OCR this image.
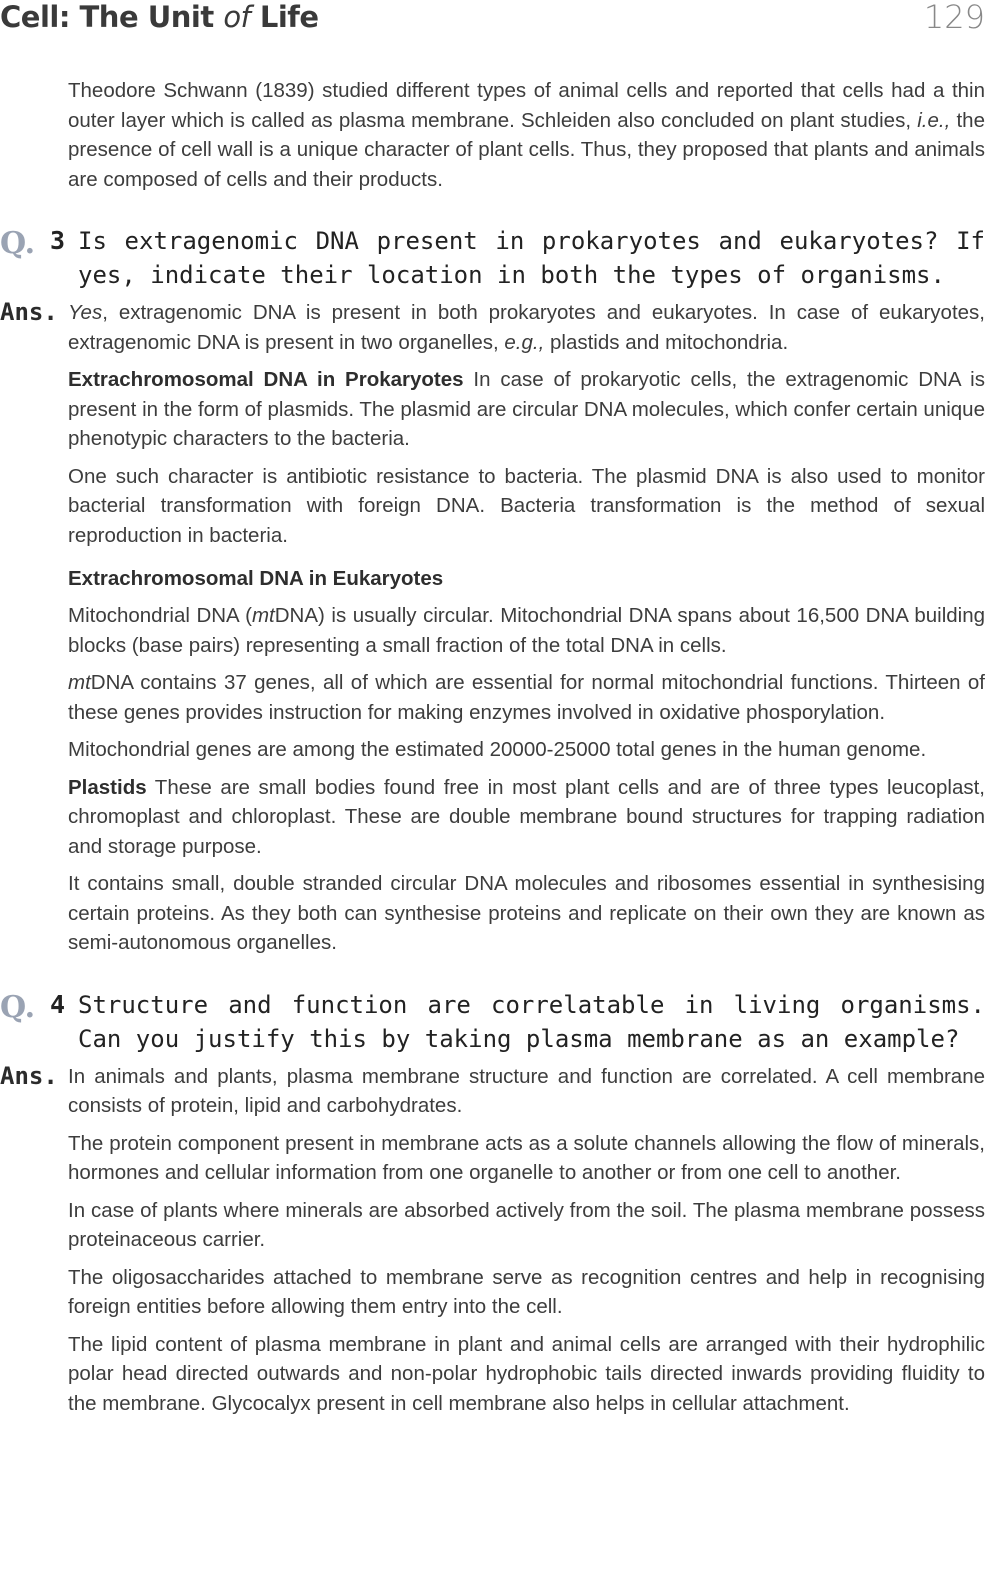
Cell: The Unit of Life	129

Theodore Schwann (1839) studied different types of animal cells and reported that cells had a thin outer layer which is called as plasma membrane. Schleiden also concluded on plant studies, i.e., the presence of cell wall is a unique character of plant cells. Thus, they proposed that plants and animals are composed of cells and their products.

Q. 3 Is extragenomic DNA present in prokaryotes and eukaryotes? If yes, indicate their location in both the types of organisms.
Ans. Yes, extragenomic DNA is present in both prokaryotes and eukaryotes. In case of eukaryotes, extragenomic DNA is present in two organelles, e.g., plastids and mitochondria.

Extrachromosomal DNA in Prokaryotes In case of prokaryotic cells, the extragenomic DNA is present in the form of plasmids. The plasmid are circular DNA molecules, which confer certain unique phenotypic characters to the bacteria.

One such character is antibiotic resistance to bacteria. The plasmid DNA is also used to monitor bacterial transformation with foreign DNA. Bacteria transformation is the method of sexual reproduction in bacteria.

Extrachromosomal DNA in Eukaryotes

Mitochondrial DNA (mtDNA) is usually circular. Mitochondrial DNA spans about 16,500 DNA building blocks (base pairs) representing a small fraction of the total DNA in cells.

mtDNA contains 37 genes, all of which are essential for normal mitochondrial functions. Thirteen of these genes provides instruction for making enzymes involved in oxidative phosporylation.

Mitochondrial genes are among the estimated 20000-25000 total genes in the human genome.

Plastids These are small bodies found free in most plant cells and are of three types leucoplast, chromoplast and chloroplast. These are double membrane bound structures for trapping radiation and storage purpose.

It contains small, double stranded circular DNA molecules and ribosomes essential in synthesising certain proteins. As they both can synthesise proteins and replicate on their own they are known as semi-autonomous organelles.

Q. 4 Structure and function are correlatable in living organisms. Can you justify this by taking plasma membrane as an example?
Ans. In animals and plants, plasma membrane structure and function are correlated. A cell membrane consists of protein, lipid and carbohydrates.

The protein component present in membrane acts as a solute channels allowing the flow of minerals, hormones and cellular information from one organelle to another or from one cell to another.

In case of plants where minerals are absorbed actively from the soil. The plasma membrane possess proteinaceous carrier.

The oligosaccharides attached to membrane serve as recognition centres and help in recognising foreign entities before allowing them entry into the cell.

The lipid content of plasma membrane in plant and animal cells are arranged with their hydrophilic polar head directed outwards and non-polar hydrophobic tails directed inwards providing fluidity to the membrane. Glycocalyx present in cell membrane also helps in cellular attachment.
